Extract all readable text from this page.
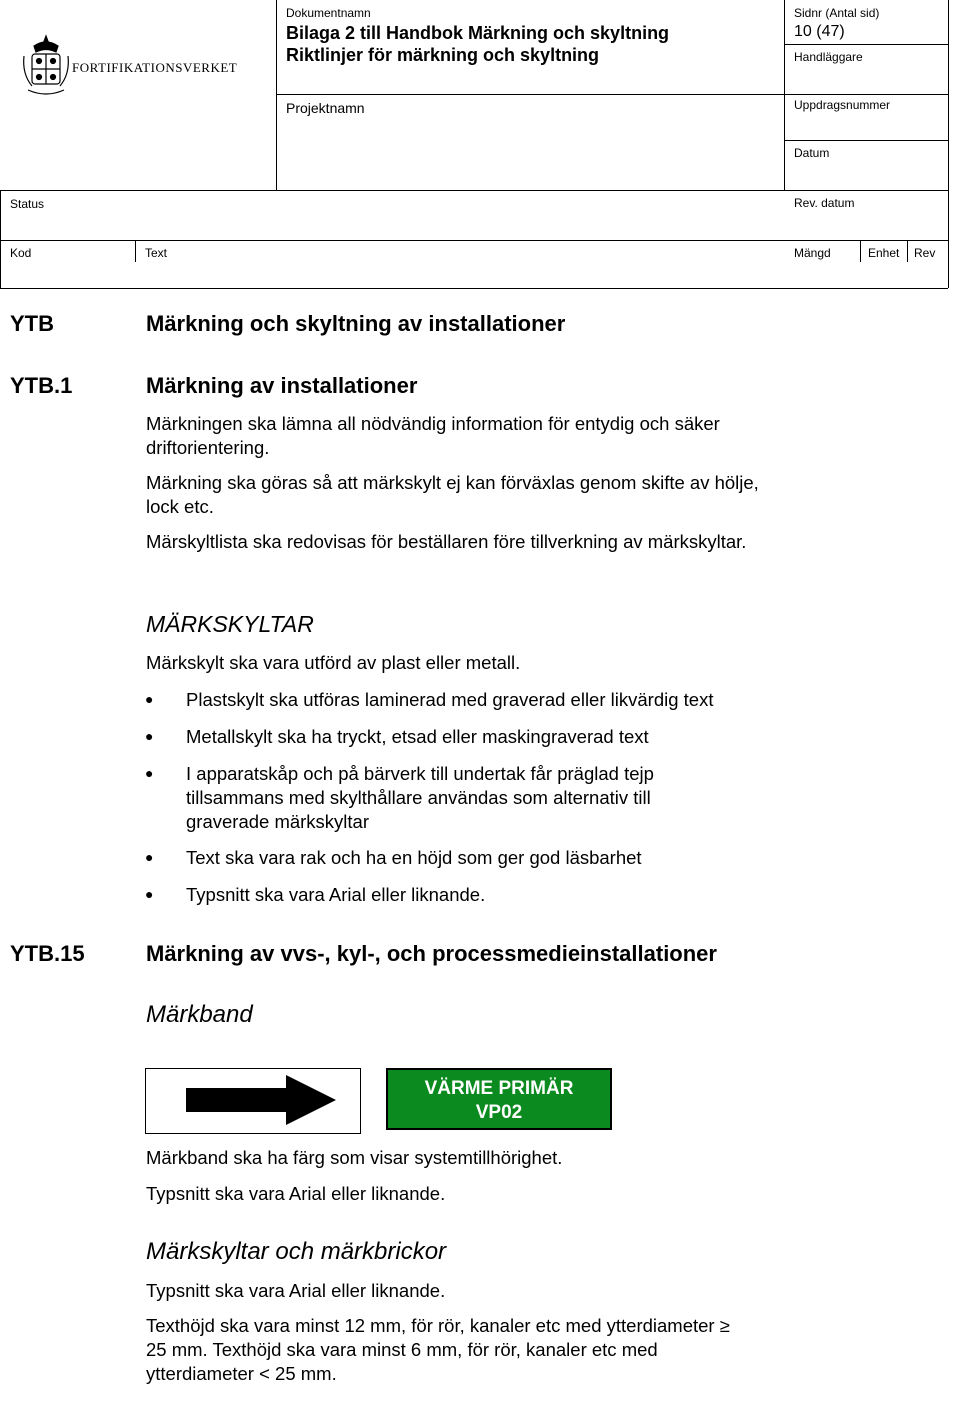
FORTIFIKATIONSVERKET
Dokumentnamn
Bilaga 2 till Handbok Märkning och skyltning
Riktlinjer för märkning och skyltning
Sidnr (Antal sid)
10 (47)
Handläggare
Projektnamn	Uppdragsnummer
Datum
Status	Rev. datum
Kod	Text	Mängd	Enhet Rev
YTB	Märkning och skyltning av installationer
YTB.1	Märkning av installationer
Märkningen ska lämna all nödvändig information för entydig och säker driftorientering.
Märkning ska göras så att märkskylt ej kan förväxlas genom skifte av hölje, lock etc.
Märskyltlista ska redovisas för beställaren före tillverkning av märkskyltar.
MÄRKSKYLTAR
Märkskylt ska vara utförd av plast eller metall.
● Plastskylt ska utföras laminerad med graverad eller likvärdig text
● Metallskylt ska ha tryckt, etsad eller maskingraverad text
● I apparatskåp och på bärverk till undertak får präglad tejp tillsammans med skylthållare användas som alternativ till graverade märkskyltar
● Text ska vara rak och ha en höjd som ger god läsbarhet
● Typsnitt ska vara Arial eller liknande.
YTB.15	Märkning av vvs-, kyl-, och processmedieinstallationer
Märkband
VÄRME PRIMÄR
VP02
Märkband ska ha färg som visar systemtillhörighet.
Typsnitt ska vara Arial eller liknande.
Märkskyltar och märkbrickor
Typsnitt ska vara Arial eller liknande.
Texthöjd ska vara minst 12 mm, för rör, kanaler etc med ytterdiameter ≥ 25 mm. Texthöjd ska vara minst 6 mm, för rör, kanaler etc med ytterdiameter < 25 mm.
